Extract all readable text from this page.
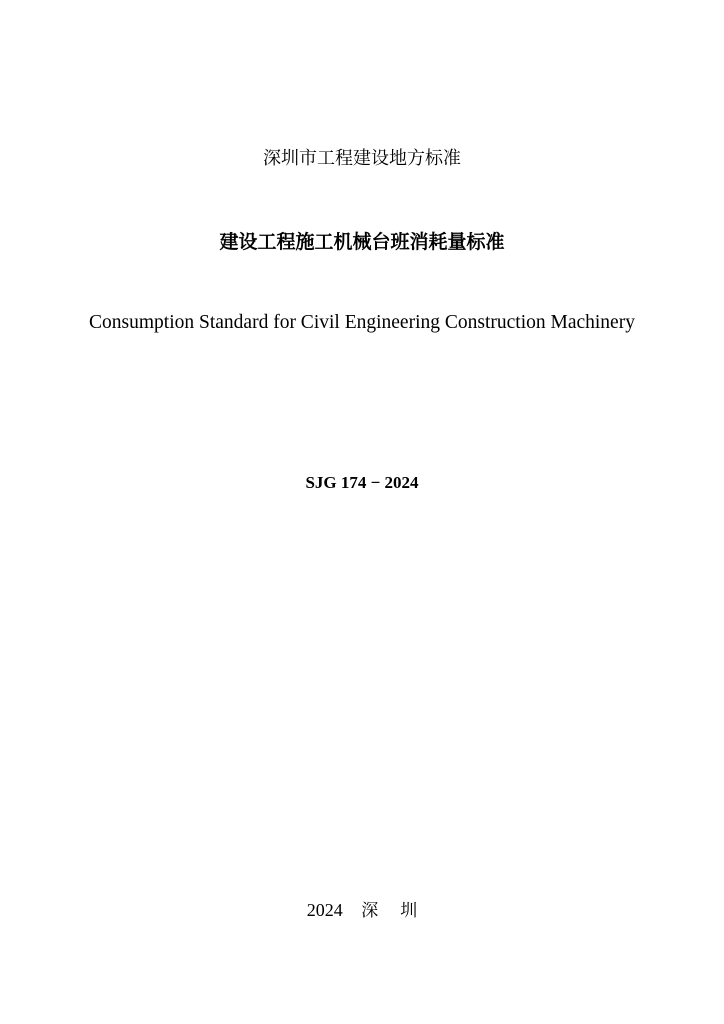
深圳市工程建设地方标准
建设工程施工机械台班消耗量标准
Consumption Standard for Civil Engineering Construction Machinery
SJG 174 − 2024
2024 深 圳
